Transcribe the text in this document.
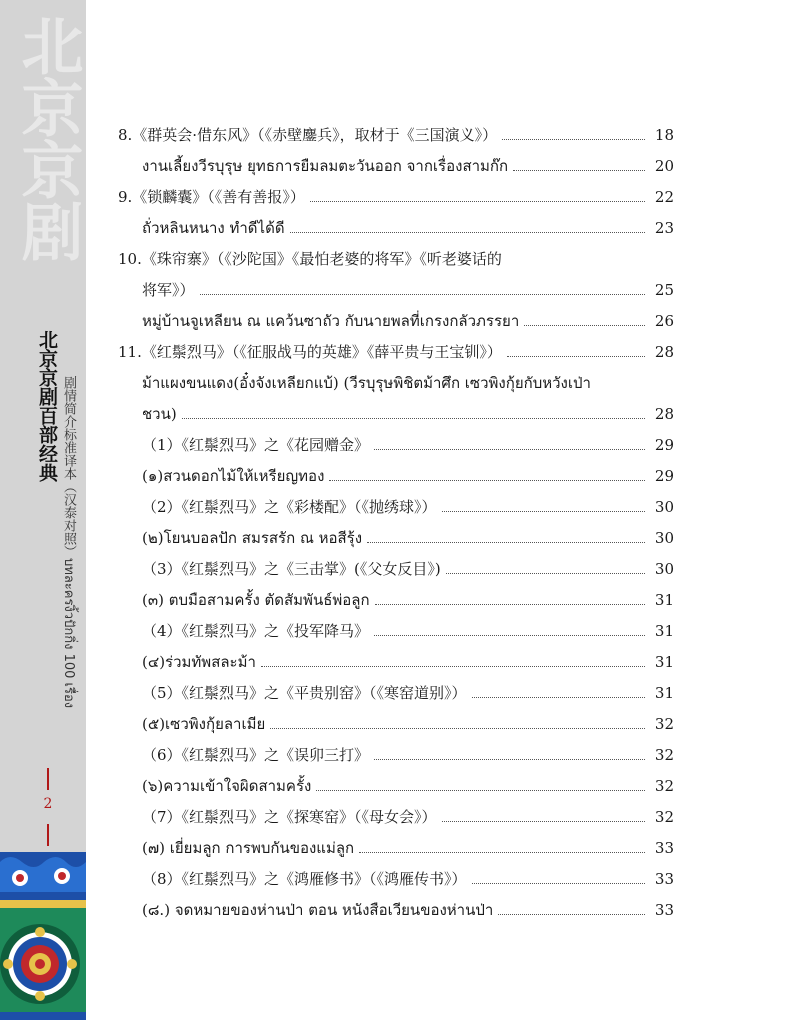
北京京剧
北京京剧百部经典 剧情简介标准译本（汉泰对照）บทละครงิ้วปักกิ่ง 100 เรื่อง
2
8.《群英会·借东风》（《赤壁鏖兵》，取材于《三国演义》）	18
งานเลี้ยงวีรบุรุษ ยุทธการยืมลมตะวันออก จากเรื่องสามก๊ก	20
9.《锁麟囊》（《善有善报》）	22
ถั่วหลินหนาง ทำดีได้ดี	23
10.《珠帘寨》（《沙陀国》《最怕老婆的将军》《听老婆话的
将军》）	25
หมู่บ้านจูเหลียน ณ แคว้นซาถัว กับนายพลที่เกรงกลัวภรรยา	26
11.《红鬃烈马》（《征服战马的英雄》《薛平贵与王宝钏》）	28
ม้าแผงขนแดง(อั๋งจังเหลียกแบ้) (วีรบุรุษพิชิตม้าศึก เซวพิงกุ้ยกับหวังเป่า
ชวน)	28
（1）《红鬃烈马》之《花园赠金》	29
(๑)สวนดอกไม้ให้เหรียญทอง	29
（2）《红鬃烈马》之《彩楼配》（《抛绣球》）	30
(๒)โยนบอลปัก สมรสรัก ณ หอสีรุ้ง	30
（3）《红鬃烈马》之《三击掌》(《父女反目》)	30
(๓) ตบมือสามครั้ง ตัดสัมพันธ์พ่อลูก	31
（4）《红鬃烈马》之《投军降马》	31
(๔)ร่วมทัพสละม้า	31
（5）《红鬃烈马》之《平贵别窑》（《寒窑道别》）	31
(๕)เซวพิงกุ้ยลาเมีย	32
（6）《红鬃烈马》之《误卯三打》	32
(๖)ความเข้าใจผิดสามครั้ง	32
（7）《红鬃烈马》之《探寒窑》（《母女会》）	32
(๗) เยี่ยมลูก การพบกันของแม่ลูก	33
（8）《红鬃烈马》之《鸿雁修书》（《鸿雁传书》）	33
(๘.) จดหมายของห่านป่า ตอน หนังสือเวียนของห่านป่า	33
